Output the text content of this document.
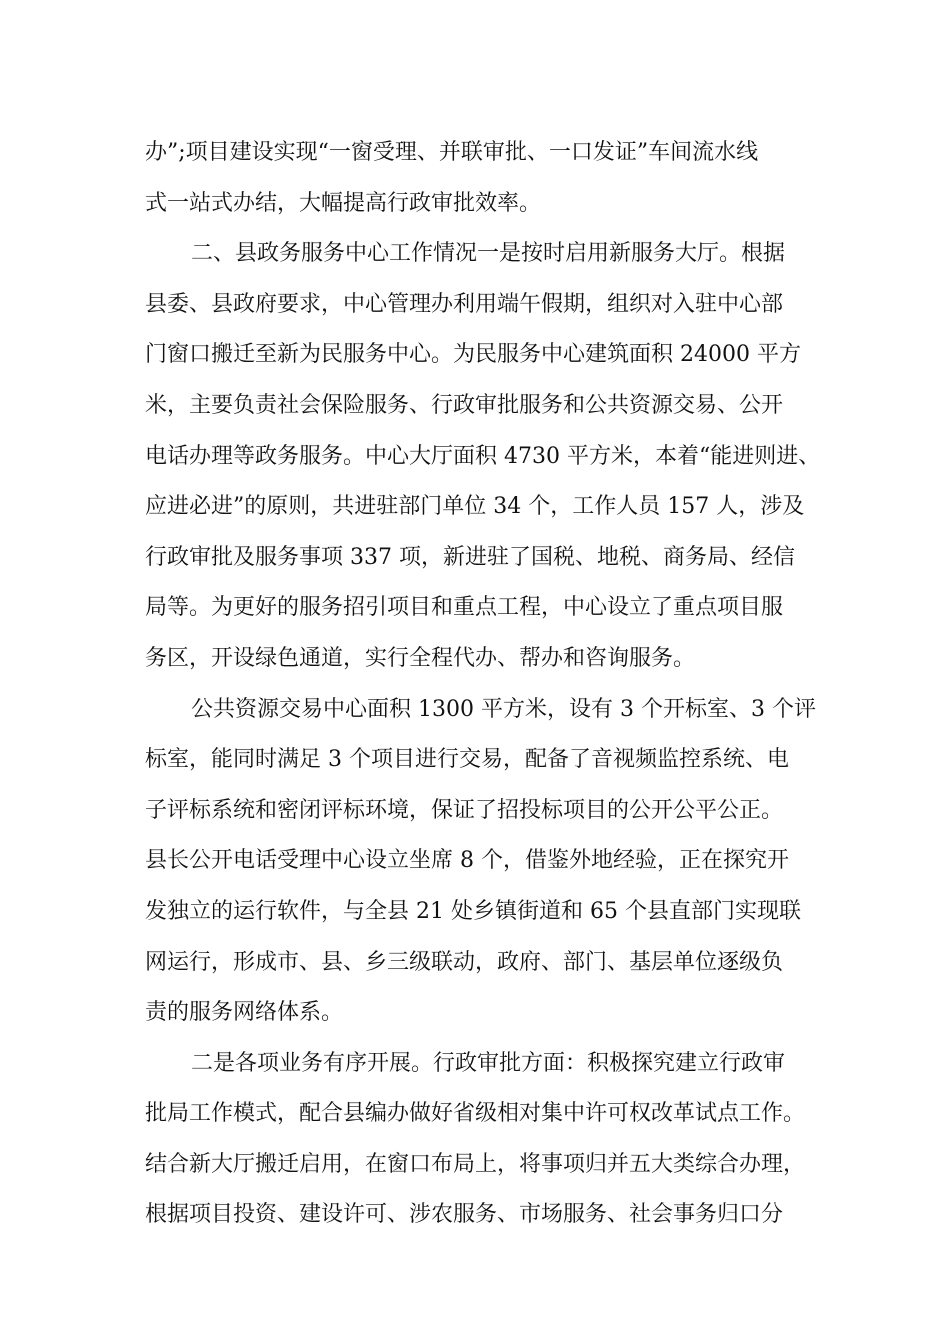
办”;项目建设实现“一窗受理、并联审批、一口发证”车间流水线
式一站式办结，大幅提高行政审批效率。
二、县政务服务中心工作情况一是按时启用新服务大厅。根据
县委、县政府要求，中心管理办利用端午假期，组织对入驻中心部
门窗口搬迁至新为民服务中心。为民服务中心建筑面积 24000 平方
米，主要负责社会保险服务、行政审批服务和公共资源交易、公开
电话办理等政务服务。中心大厅面积 4730 平方米，本着“能进则进、
应进必进”的原则，共进驻部门单位 34 个，工作人员 157 人，涉及
行政审批及服务事项 337 项，新进驻了国税、地税、商务局、经信
局等。为更好的服务招引项目和重点工程，中心设立了重点项目服
务区，开设绿色通道，实行全程代办、帮办和咨询服务。
公共资源交易中心面积 1300 平方米，设有 3 个开标室、3 个评
标室，能同时满足 3 个项目进行交易，配备了音视频监控系统、电
子评标系统和密闭评标环境，保证了招投标项目的公开公平公正。
县长公开电话受理中心设立坐席 8 个，借鉴外地经验，正在探究开
发独立的运行软件，与全县 21 处乡镇街道和 65 个县直部门实现联
网运行，形成市、县、乡三级联动，政府、部门、基层单位逐级负
责的服务网络体系。
二是各项业务有序开展。行政审批方面：积极探究建立行政审
批局工作模式，配合县编办做好省级相对集中许可权改革试点工作。
结合新大厅搬迁启用，在窗口布局上，将事项归并五大类综合办理，
根据项目投资、建设许可、涉农服务、市场服务、社会事务归口分
